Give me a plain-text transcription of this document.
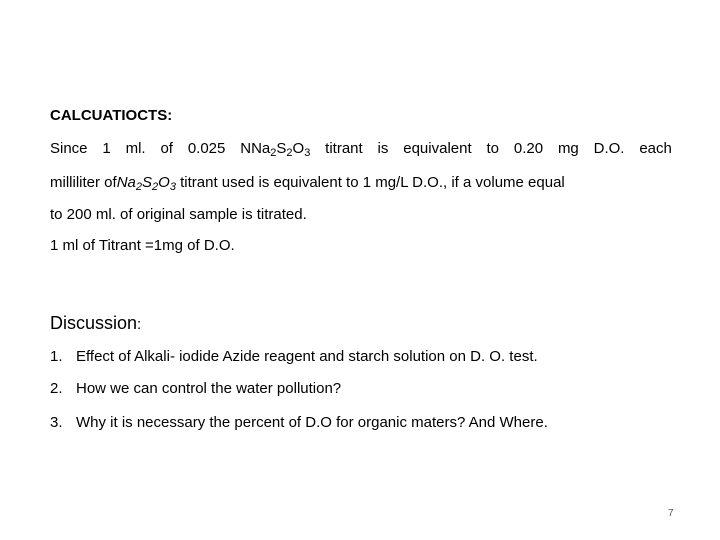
CALCUATIOCTS:
Since 1 ml. of 0.025 $NNa_2S_2O_3$ titrant is equivalent to 0.20 mg D.O. each
milliliter $ofNa_2S_2O_3$ titrant used is equivalent to 1 mg/L D.O., if a volume equal
to 200 ml. of original sample is titrated.
1 ml of Titrant =1mg of D.O.
Discussion:
1. Effect of Alkali- iodide Azide reagent and starch solution on D. O. test.
2. How we can control the water pollution?
3. Why it is necessary the percent of D.O for organic maters? And Where.
7
